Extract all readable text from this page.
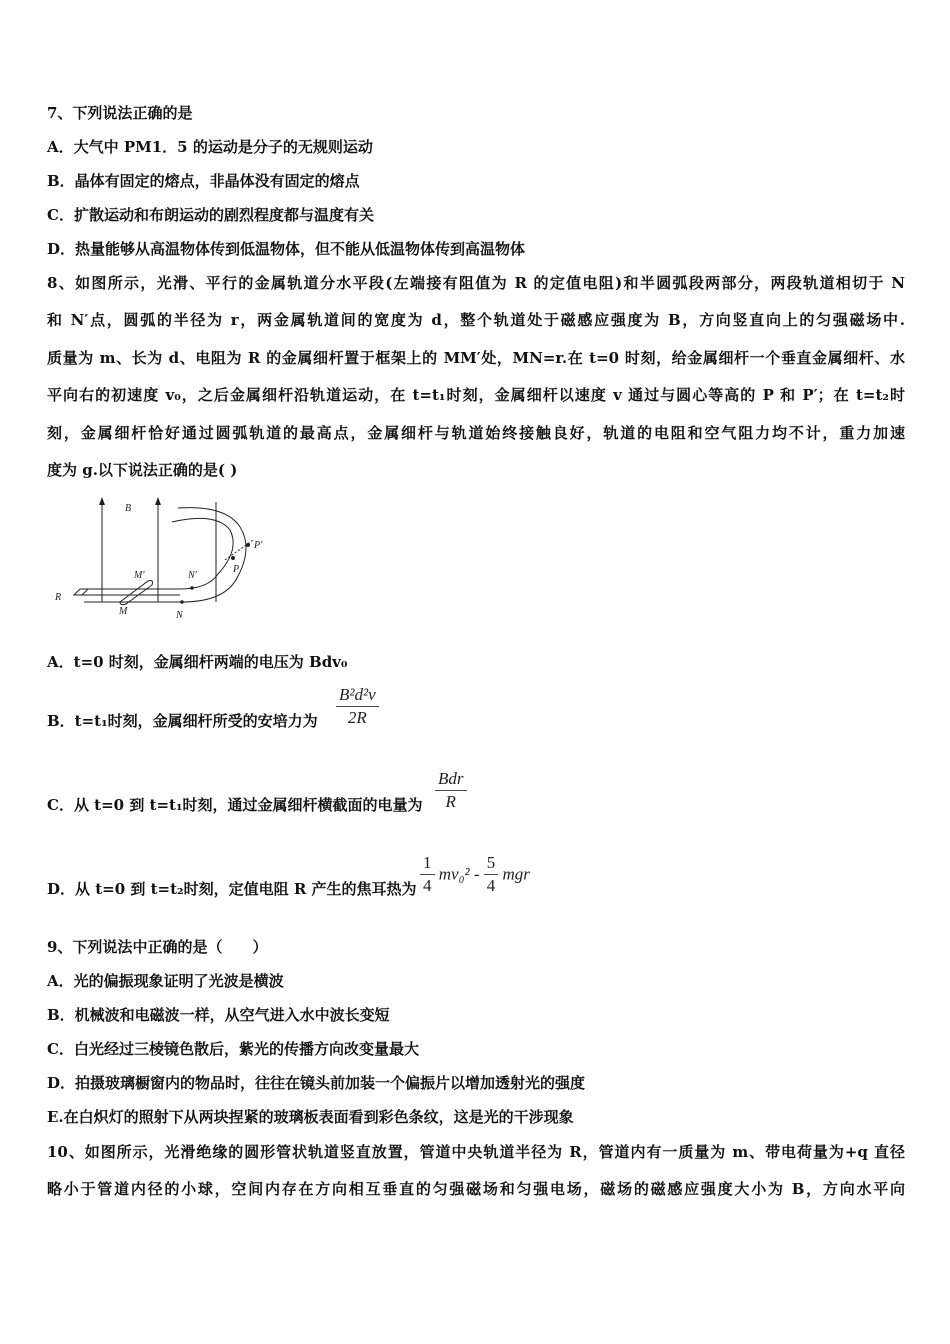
7、下列说法正确的是
A．大气中 PM1．5 的运动是分子的无规则运动
B．晶体有固定的熔点，非晶体没有固定的熔点
C．扩散运动和布朗运动的剧烈程度都与温度有关
D．热量能够从高温物体传到低温物体，但不能从低温物体传到高温物体
8、如图所示，光滑、平行的金属轨道分水平段(左端接有阻值为 R 的定值电阻)和半圆弧段两部分，两段轨道相切于 N
和 N′点，圆弧的半径为 r，两金属轨道间的宽度为 d，整个轨道处于磁感应强度为 B，方向竖直向上的匀强磁场中.
质量为 m、长为 d、电阻为 R 的金属细杆置于框架上的 MM′处，MN=r.在 t=0 时刻，给金属细杆一个垂直金属细杆、水
平向右的初速度 v₀，之后金属细杆沿轨道运动，在 t=t₁时刻，金属细杆以速度 v 通过与圆心等高的 P 和 P′；在 t=t₂时
刻，金属细杆恰好通过圆弧轨道的最高点，金属细杆与轨道始终接触良好，轨道的电阻和空气阻力均不计，重力加速
度为 g.以下说法正确的是( )
B
R
M′
M
N′
N
P
P′
A．t=0 时刻，金属细杆两端的电压为 Bdv₀
B．t=t₁时刻，金属细杆所受的安培力为 $\frac{\text{B²d²v}}{2R}$
C．从 t=0 到 t=t₁时刻，通过金属细杆横截面的电量为
Bdr
R
D．从 t=0 到 t=t₂时刻，定值电阻 R 产生的焦耳热为 $\frac{1}{4} mv_0^2 - \frac{5}{4}$ mgr
9、下列说法中正确的是（　　）
A．光的偏振现象证明了光波是横波
B．机械波和电磁波一样，从空气进入水中波长变短
C．白光经过三棱镜色散后，紫光的传播方向改变量最大
D．拍摄玻璃橱窗内的物品时，往往在镜头前加装一个偏振片以增加透射光的强度
E.在白炽灯的照射下从两块捏紧的玻璃板表面看到彩色条纹，这是光的干涉现象
10、如图所示，光滑绝缘的圆形管状轨道竖直放置，管道中央轨道半径为 R，管道内有一质量为 m、带电荷量为+q 直径
略小于管道内径的小球，空间内存在方向相互垂直的匀强磁场和匀强电场，磁场的磁感应强度大小为 B，方向水平向
